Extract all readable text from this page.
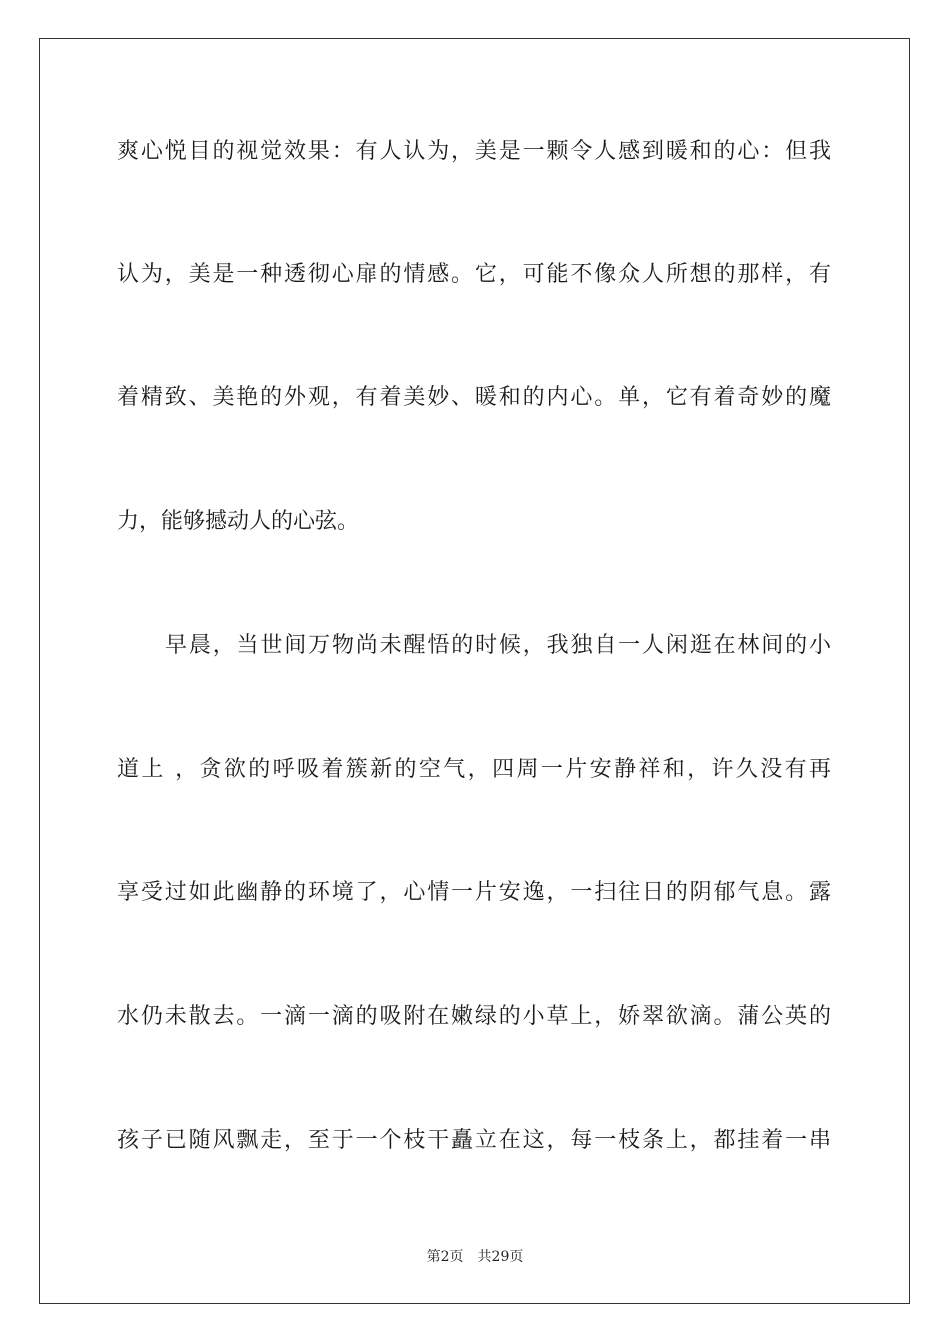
爽心悦目的视觉效果：有人认为，美是一颗令人感到暖和的心：但我
认为，美是一种透彻心扉的情感。它，可能不像众人所想的那样，有
着精致、美艳的外观，有着美妙、暖和的内心。单，它有着奇妙的魔
力，能够撼动人的心弦。
早晨，当世间万物尚未醒悟的时候，我独自一人闲逛在林间的小
道上 ，贪欲的呼吸着簇新的空气，四周一片安静祥和，许久没有再
享受过如此幽静的环境了，心情一片安逸，一扫往日的阴郁气息。露
水仍未散去。一滴一滴的吸附在嫩绿的小草上，娇翠欲滴。蒲公英的
孩子已随风飘走，至于一个枝干矗立在这，每一枝条上，都挂着一串
第2页 共29页
